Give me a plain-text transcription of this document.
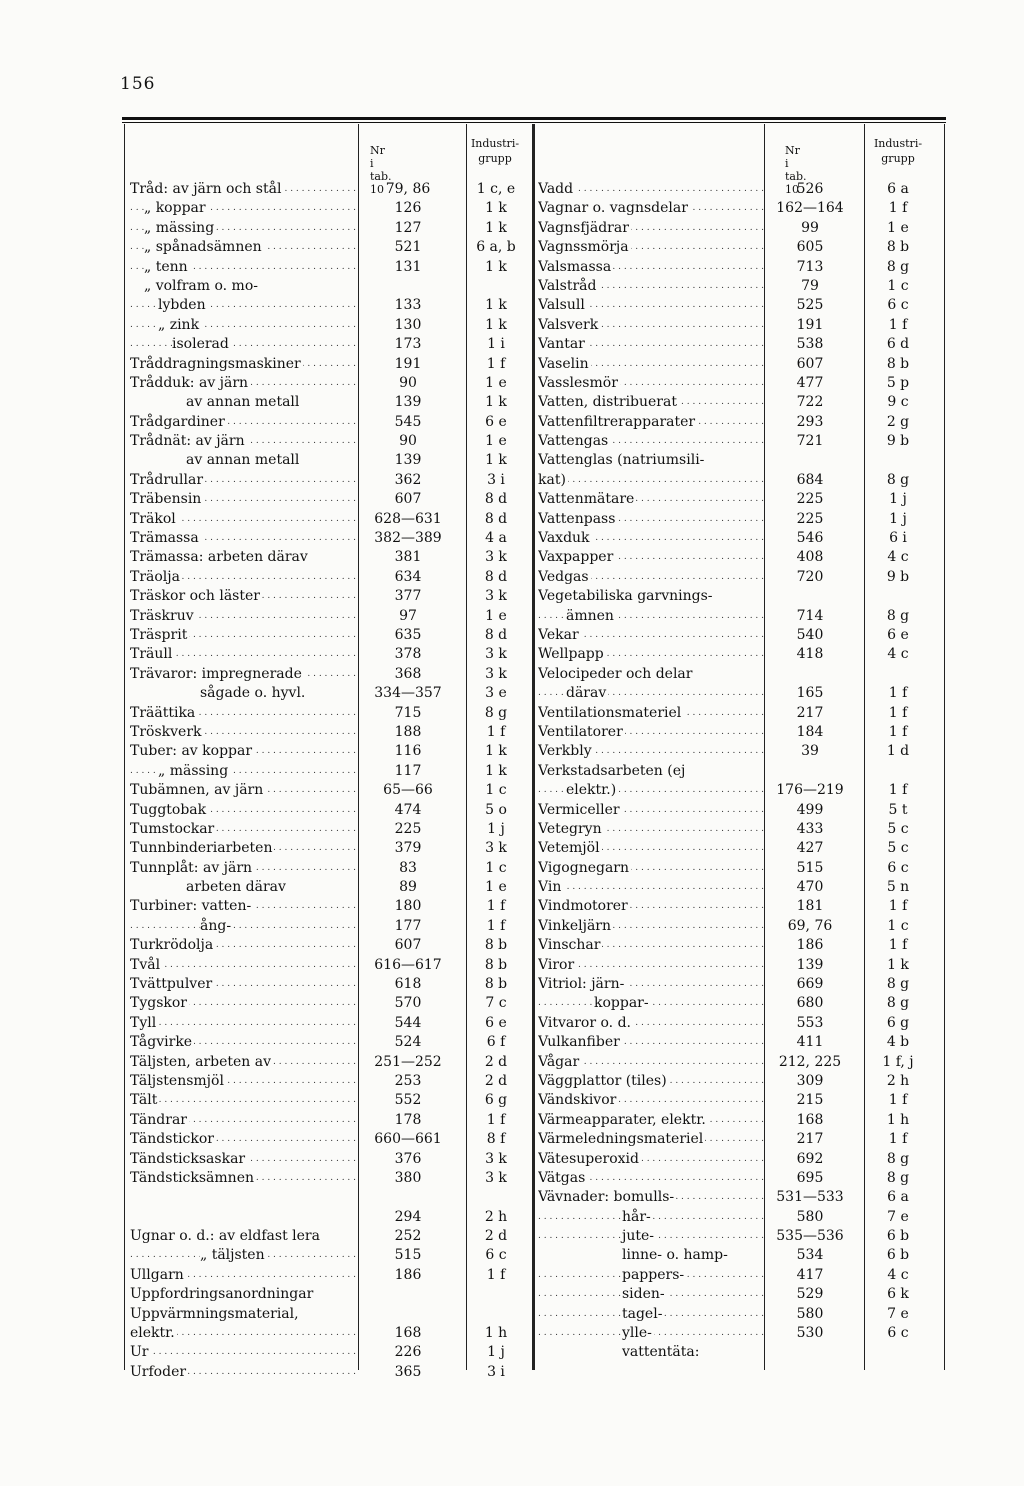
156
Nr i tab. 10
Industri-
grupp
Tråd: av järn och stål . . .	79, 86	1 c, e
„ koppar . . .	126	1 k
„ mässing . . .	127	1 k
„ spånadsämnen . . .	521	6 a, b
„ tenn . . .	131	1 k
„ volfram o. mo-
lybden . . .	133	1 k
„ zink . . .	130	1 k
isolerad . . .	173	1 i
Tråddragningsmaskiner . . .	191	1 f
Trådduk: av järn . . .	90	1 e
av annan metall	139	1 k
Trådgardiner . . .	545	6 e
Trådnät: av järn . . .	90	1 e
av annan metall	139	1 k
Trådrullar . . .	362	3 i
Träbensin . . .	607	8 d
Träkol . . .	628—631	8 d
Trämassa . . .	382—389	4 a
Trämassa: arbeten därav	381	3 k
Träolja . . .	634	8 d
Träskor och läster . . .	377	3 k
Träskruv . . .	97	1 e
Träsprit . . .	635	8 d
Träull . . .	378	3 k
Trävaror: impregnerade . . .	368	3 k
sågade o. hyvl.	334—357	3 e
Träättika . . .	715	8 g
Tröskverk . . .	188	1 f
Tuber: av koppar . . .	116	1 k
„ mässing . . .	117	1 k
Tubämnen, av järn . . .	65—66	1 c
Tuggtobak . . .	474	5 o
Tumstockar . . .	225	1 j
Tunnbinderiarbeten . . .	379	3 k
Tunnplåt: av järn . . .	83	1 c
arbeten därav	89	1 e
Turbiner: vatten- . . .	180	1 f
ång- . . .	177	1 f
Turkrödolja . . .	607	8 b
Tvål . . .	616—617	8 b
Tvättpulver . . .	618	8 b
Tygskor . . .	570	7 c
Tyll . . .	544	6 e
Tågvirke . . .	524	6 f
Täljsten, arbeten av . . .	251—252	2 d
Täljstensmjöl . . .	253	2 d
Tält . . .	552	6 g
Tändrar . . .	178	1 f
Tändstickor . . .	660—661	8 f
Tändsticksaskar . . .	376	3 k
Tändsticksämnen . . .	380	3 k
294	2 h
Ugnar o. d.: av eldfast lera	252	2 d
„ täljsten . . .	515	6 c
Ullgarn . . .	186	1 f
Uppfordringsanordningar
Uppvärmningsmaterial,
elektr. . . .	168	1 h
Ur . . .	226	1 j
Urfoder . . .	365	3 i
Nr i tab. 10
Industri-
grupp
Vadd . . .	526	6 a
Vagnar o. vagnsdelar . . .	162—164	1 f
Vagnsfjädrar . . .	99	1 e
Vagnssmörja . . .	605	8 b
Valsmassa . . .	713	8 g
Valstråd . . .	79	1 c
Valsull . . .	525	6 c
Valsverk . . .	191	1 f
Vantar . . .	538	6 d
Vaselin . . .	607	8 b
Vasslesmör . . .	477	5 p
Vatten, distribuerat . . .	722	9 c
Vattenfiltrerapparater . . .	293	2 g
Vattengas . . .	721	9 b
Vattenglas (natriumsili-
kat) . . .	684	8 g
Vattenmätare . . .	225	1 j
Vattenpass . . .	225	1 j
Vaxduk . . .	546	6 i
Vaxpapper . . .	408	4 c
Vedgas . . .	720	9 b
Vegetabiliska garvnings-
ämnen . . .	714	8 g
Vekar . . .	540	6 e
Wellpapp . . .	418	4 c
Velocipeder och delar
därav . . .	165	1 f
Ventilationsmateriel . . .	217	1 f
Ventilatorer . . .	184	1 f
Verkbly . . .	39	1 d
Verkstadsarbeten (ej
elektr.) . . .	176—219	1 f
Vermiceller . . .	499	5 t
Vetegryn . . .	433	5 c
Vetemjöl . . .	427	5 c
Vigognegarn . . .	515	6 c
Vin . . .	470	5 n
Vindmotorer . . .	181	1 f
Vinkeljärn . . .	69, 76	1 c
Vinschar . . .	186	1 f
Viror . . .	139	1 k
Vitriol: järn- . . .	669	8 g
koppar- . . .	680	8 g
Vitvaror o. d. . . .	553	6 g
Vulkanfiber . . .	411	4 b
Vågar . . .	212, 225	1 f, j
Väggplattor (tiles) . . .	309	2 h
Vändskivor . . .	215	1 f
Värmeapparater, elektr. . . .	168	1 h
Värmeledningsmateriel . . .	217	1 f
Vätesuperoxid . . .	692	8 g
Vätgas . . .	695	8 g
Vävnader: bomulls- . . .	531—533	6 a
hår- . . .	580	7 e
jute- . . .	535—536	6 b
linne- o. hamp-	534	6 b
pappers- . . .	417	4 c
siden- . . .	529	6 k
tagel- . . .	580	7 e
ylle- . . .	530	6 c
vattentäta:
